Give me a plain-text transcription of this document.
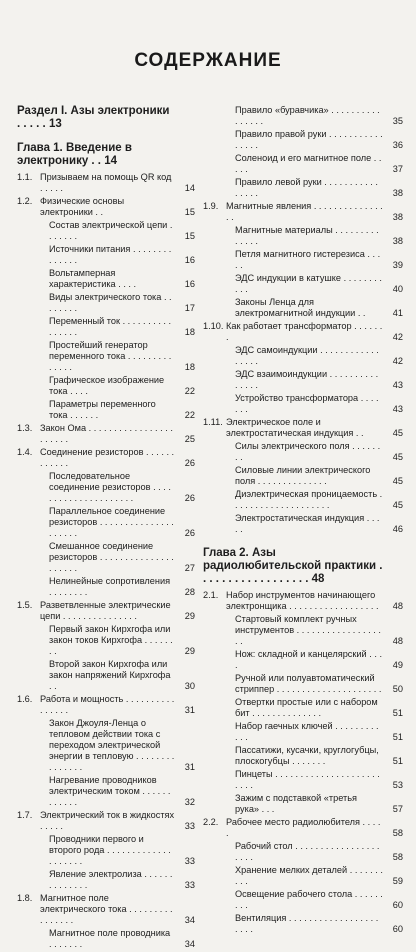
СОДЕРЖАНИЕ
Раздел I. Азы электроники . . . . . 13
Глава 1. Введение в электронику . . 14
1.1. Призываем на помощь QR код . . . . .	14
1.2. Физические основы электроники . .	15
Состав электрической цепи . . . . . . .	15
Источники питания . . . . . . . . . . . . . .	16
Вольтамперная характеристика . . . .	16
Виды электрического тока . . . . . . . .	17
Переменный ток . . . . . . . . . . . . . . . .	18
Простейший генератор переменного тока . . . . . . . . . . . . . .	18
Графическое изображение тока . . . .	22
Параметры переменного тока . . . . . .	22
1.3. Закон Ома . . . . . . . . . . . . . . . . . . . . . . .	25
1.4. Соединение резисторов . . . . . . . . . . . .	26
Последовательное соединение резисторов . . . . . . . . . . . . . . . . . . . . .	26
Параллельное соединение резисторов . . . . . . . . . . . . . . . . . . . . .	26
Смешанное соединение резисторов . . . . . . . . . . . . . . . . . . . . .	27
Нелинейные сопротивления . . . . . . . .	28
1.5. Разветвленные электрические цепи . . . . . . . . . . . . . . .	29
Первый закон Кирхгофа или закон токов Кирхгофа . . . . . . . .	29
Второй закон Кирхгофа или закон напряжений Кирхгофа . .	30
1.6. Работа и мощность . . . . . . . . . . . . . . . .	31
Закон Джоуля-Ленца о тепловом действии тока с переходом электрической энергии в тепловую . . . . . . . . . . . . . . .	31
Нагревание проводников электрическим током . . . . . . . . . . . .	32
1.7. Электрический ток в жидкостях . . . . .	33
Проводники первого и второго рода . . . . . . . . . . . . . . . . . . . .	33
Явление электролиза . . . . . . . . . . . . . .	33
1.8. Магнитное поле электрического тока . . . . . . . . . . . . . . . .	34
Магнитное поле проводника . . . . . . .	34
Правило «буравчика» . . . . . . . . . . . . . . . .	35
Правило правой руки . . . . . . . . . . . . . . . .	36
Соленоид и его магнитное поле . . . . .	37
Правило левой руки . . . . . . . . . . . . . . . .	38
1.9. Магнитные явления . . . . . . . . . . . . . . . .	38
Магнитные материалы . . . . . . . . . . . . . .	38
Петля магнитного гистерезиса . . . . .	39
ЭДС индукции в катушке . . . . . . . . . . .	40
Законы Ленца для электромагнитной индукции . .	41
1.10. Как работает трансформатор . . . . . . .	42
ЭДС самоиндукции . . . . . . . . . . . . . . . . .	42
ЭДС взаимоиндукции . . . . . . . . . . . . . . .	43
Устройство трансформатора . . . . . . .	43
1.11. Электрическое поле и электростатическая индукция . .	45
Силы электрического поля . . . . . . . .	45
Силовые линии электрического поля . . . . . . . . . . . . . .	45
Диэлектрическая проницаемость . . . . . . . . . . . . . . . . . . . .	45
Электростатическая индукция . . . . .	46
Глава 2. Азы радиолюбительской практики . . . . . . . . . . . . . . . . . . 48
2.1. Набор инструментов начинающего электронщика . . . . . . . . . . . . . . . . . .	48
Стартовый комплект ручных инструментов . . . . . . . . . . . . . . . . . . .	48
Нож: складной и канцелярский . . . .	49
Ручной или полуавтоматический стриппер . . . . . . . . . . . . . . . . . . . . .	50
Отвертки простые или с набором бит . . . . . . . . . . . . . .	51
Набор гаечных ключей . . . . . . . . . . . .	51
Пассатижи, кусачки, круглогубцы, плоскогубцы . . . . . . .	51
Пинцеты . . . . . . . . . . . . . . . . . . . . . . . . .	53
Зажим с подставкой «третья рука» . . .	57
2.2. Рабочее место радиолюбителя . . . . .	58
Рабочий стол . . . . . . . . . . . . . . . . . . . . .	58
Хранение мелких деталей . . . . . . . . . .	59
Освещение рабочего стола . . . . . . . . .	60
Вентиляция . . . . . . . . . . . . . . . . . . . . . .	60
